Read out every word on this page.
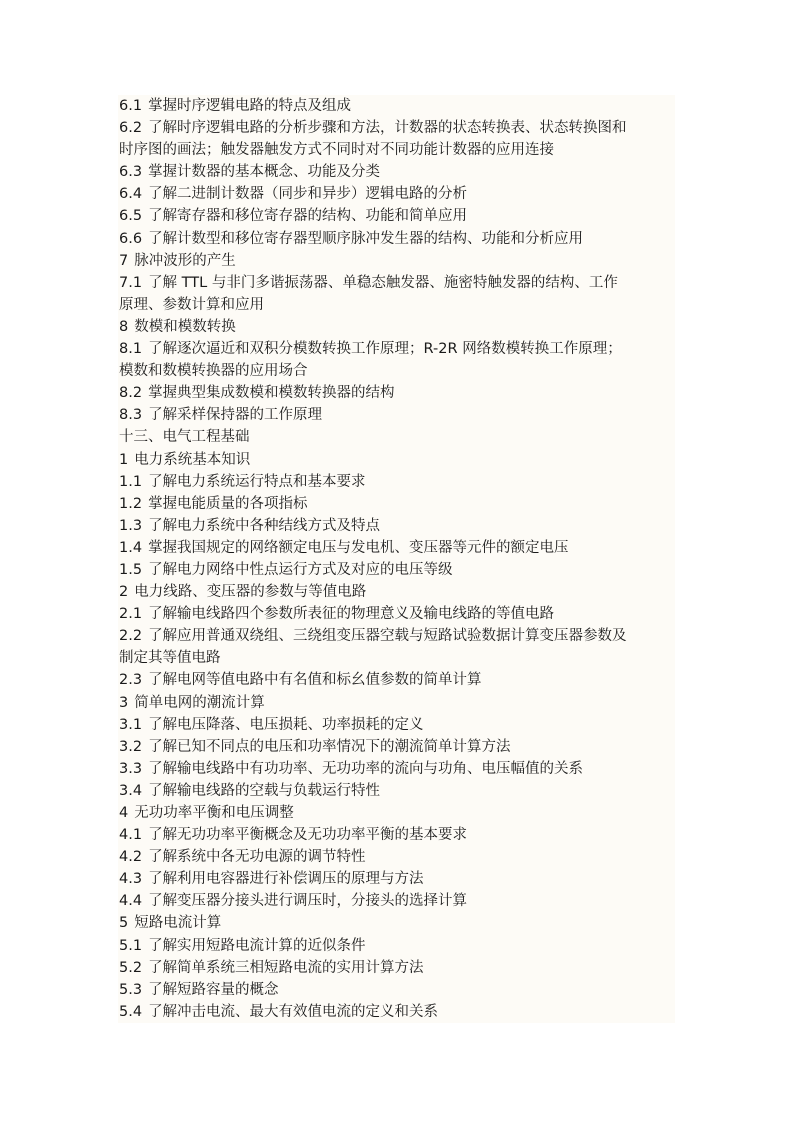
6.1 掌握时序逻辑电路的特点及组成
6.2 了解时序逻辑电路的分析步骤和方法，计数器的状态转换表、状态转换图和
时序图的画法；触发器触发方式不同时对不同功能计数器的应用连接
6.3 掌握计数器的基本概念、功能及分类
6.4 了解二进制计数器（同步和异步）逻辑电路的分析
6.5 了解寄存器和移位寄存器的结构、功能和简单应用
6.6 了解计数型和移位寄存器型顺序脉冲发生器的结构、功能和分析应用
7 脉冲波形的产生
7.1 了解 TTL 与非门多谐振荡器、单稳态触发器、施密特触发器的结构、工作
原理、参数计算和应用
8 数模和模数转换
8.1 了解逐次逼近和双积分模数转换工作原理；R-2R 网络数模转换工作原理；
模数和数模转换器的应用场合
8.2 掌握典型集成数模和模数转换器的结构
8.3 了解采样保持器的工作原理
十三、电气工程基础
1 电力系统基本知识
1.1 了解电力系统运行特点和基本要求
1.2 掌握电能质量的各项指标
1.3 了解电力系统中各种结线方式及特点
1.4 掌握我国规定的网络额定电压与发电机、变压器等元件的额定电压
1.5 了解电力网络中性点运行方式及对应的电压等级
2 电力线路、变压器的参数与等值电路
2.1 了解输电线路四个参数所表征的物理意义及输电线路的等值电路
2.2 了解应用普通双绕组、三绕组变压器空载与短路试验数据计算变压器参数及
制定其等值电路
2.3 了解电网等值电路中有名值和标幺值参数的简单计算
3 简单电网的潮流计算
3.1 了解电压降落、电压损耗、功率损耗的定义
3.2 了解已知不同点的电压和功率情况下的潮流简单计算方法
3.3 了解输电线路中有功功率、无功功率的流向与功角、电压幅值的关系
3.4 了解输电线路的空载与负载运行特性
4 无功功率平衡和电压调整
4.1 了解无功功率平衡概念及无功功率平衡的基本要求
4.2 了解系统中各无功电源的调节特性
4.3 了解利用电容器进行补偿调压的原理与方法
4.4 了解变压器分接头进行调压时，分接头的选择计算
5 短路电流计算
5.1 了解实用短路电流计算的近似条件
5.2 了解简单系统三相短路电流的实用计算方法
5.3 了解短路容量的概念
5.4 了解冲击电流、最大有效值电流的定义和关系
